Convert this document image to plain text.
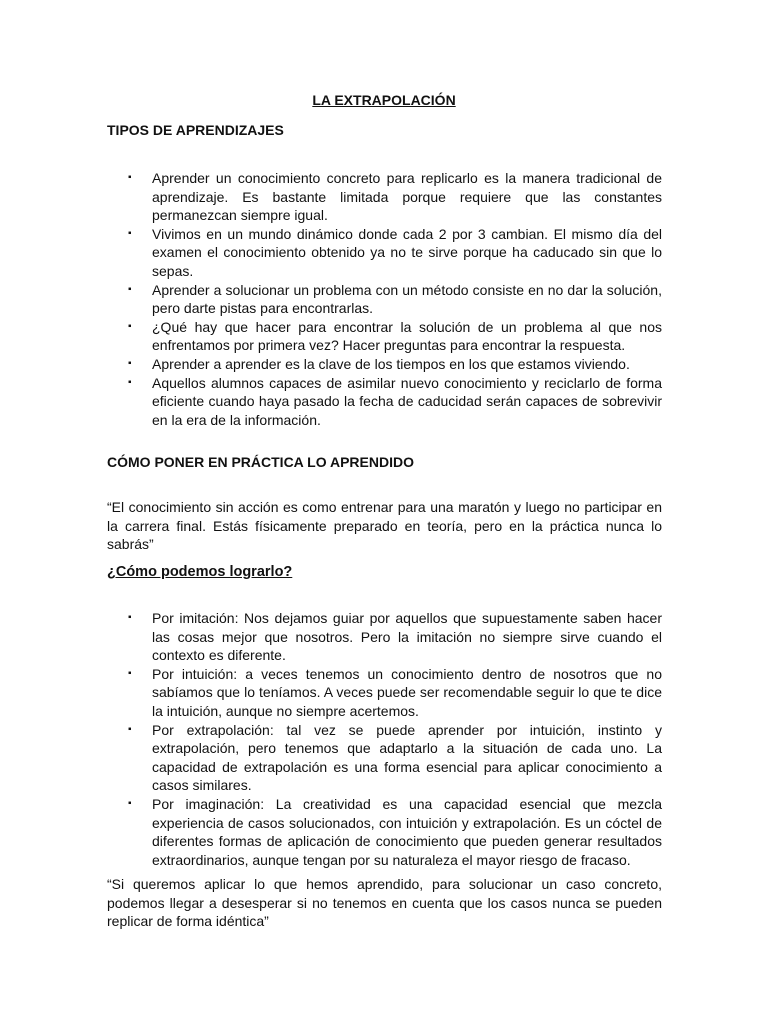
LA EXTRAPOLACIÓN
TIPOS DE APRENDIZAJES
▪ Aprender un conocimiento concreto para replicarlo es la manera tradicional de aprendizaje. Es bastante limitada porque requiere que las constantes permanezcan siempre igual.
▪ Vivimos en un mundo dinámico donde cada 2 por 3 cambian. El mismo día del examen el conocimiento obtenido ya no te sirve porque ha caducado sin que lo sepas.
▪ Aprender a solucionar un problema con un método consiste en no dar la solución, pero darte pistas para encontrarlas.
▪ ¿Qué hay que hacer para encontrar la solución de un problema al que nos enfrentamos por primera vez? Hacer preguntas para encontrar la respuesta.
▪ Aprender a aprender es la clave de los tiempos en los que estamos viviendo.
▪ Aquellos alumnos capaces de asimilar nuevo conocimiento y reciclarlo de forma eficiente cuando haya pasado la fecha de caducidad serán capaces de sobrevivir en la era de la información.
CÓMO PONER EN PRÁCTICA LO APRENDIDO

“El conocimiento sin acción es como entrenar para una maratón y luego no participar en la carrera final. Estás físicamente preparado en teoría, pero en la práctica nunca lo sabrás”

¿Cómo podemos lograrlo?
▪ Por imitación: Nos dejamos guiar por aquellos que supuestamente saben hacer las cosas mejor que nosotros. Pero la imitación no siempre sirve cuando el contexto es diferente.
▪ Por intuición: a veces tenemos un conocimiento dentro de nosotros que no sabíamos que lo teníamos. A veces puede ser recomendable seguir lo que te dice la intuición, aunque no siempre acertemos.
▪ Por extrapolación: tal vez se puede aprender por intuición, instinto y extrapolación, pero tenemos que adaptarlo a la situación de cada uno. La capacidad de extrapolación es una forma esencial para aplicar conocimiento a casos similares.
▪ Por imaginación: La creatividad es una capacidad esencial que mezcla experiencia de casos solucionados, con intuición y extrapolación. Es un cóctel de diferentes formas de aplicación de conocimiento que pueden generar resultados extraordinarios, aunque tengan por su naturaleza el mayor riesgo de fracaso.

“Si queremos aplicar lo que hemos aprendido, para solucionar un caso concreto, podemos llegar a desesperar si no tenemos en cuenta que los casos nunca se pueden replicar de forma idéntica”
